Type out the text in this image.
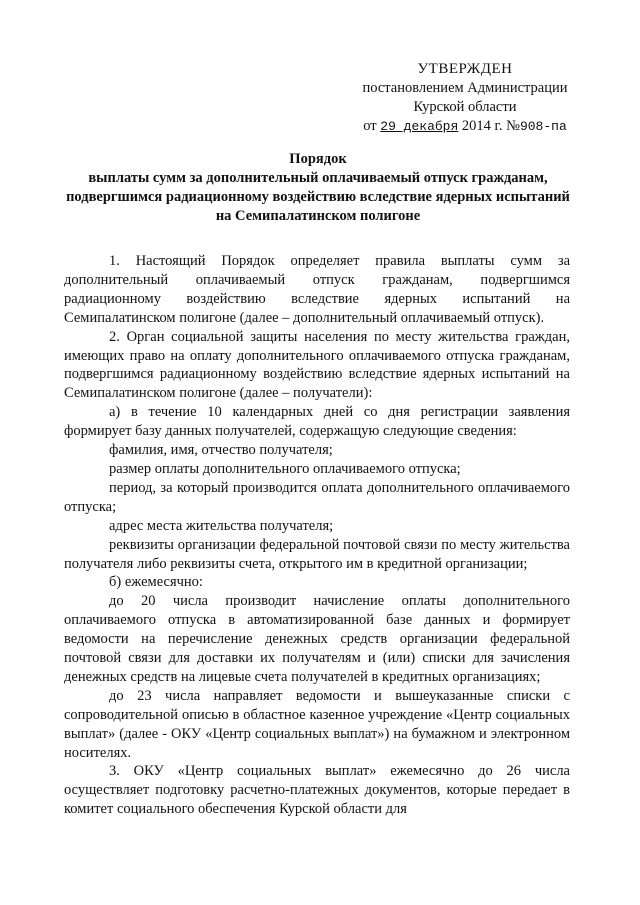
УТВЕРЖДЕН
постановлением Администрации
Курской области
от 29 декабря 2014 г. №908-па
Порядок
выплаты сумм за дополнительный оплачиваемый отпуск гражданам, подвергшимся радиационному воздействию вследствие ядерных испытаний на Семипалатинском полигоне

1. Настоящий Порядок определяет правила выплаты сумм за дополнительный оплачиваемый отпуск гражданам, подвергшимся радиационному воздействию вследствие ядерных испытаний на Семипалатинском полигоне (далее – дополнительный оплачиваемый отпуск).

2. Орган социальной защиты населения по месту жительства граждан, имеющих право на оплату дополнительного оплачиваемого отпуска гражданам, подвергшимся радиационному воздействию вследствие ядерных испытаний на Семипалатинском полигоне (далее – получатели):

а) в течение 10 календарных дней со дня регистрации заявления формирует базу данных получателей, содержащую следующие сведения:

фамилия, имя, отчество получателя;

размер оплаты дополнительного оплачиваемого отпуска;

период, за который производится оплата дополнительного оплачиваемого отпуска;

адрес места жительства получателя;

реквизиты организации федеральной почтовой связи по месту жительства получателя либо реквизиты счета, открытого им в кредитной организации;

б) ежемесячно:

до 20 числа производит начисление оплаты дополнительного оплачиваемого отпуска в автоматизированной базе данных и формирует ведомости на перечисление денежных средств организации федеральной почтовой связи для доставки их получателям и (или) списки для зачисления денежных средств на лицевые счета получателей в кредитных организациях;

до 23 числа направляет ведомости и вышеуказанные списки с сопроводительной описью в областное казенное учреждение «Центр социальных выплат» (далее - ОКУ «Центр социальных выплат») на бумажном и электронном носителях.

3. ОКУ «Центр социальных выплат» ежемесячно до 26 числа осуществляет подготовку расчетно-платежных документов, которые передает в комитет социального обеспечения Курской области для
